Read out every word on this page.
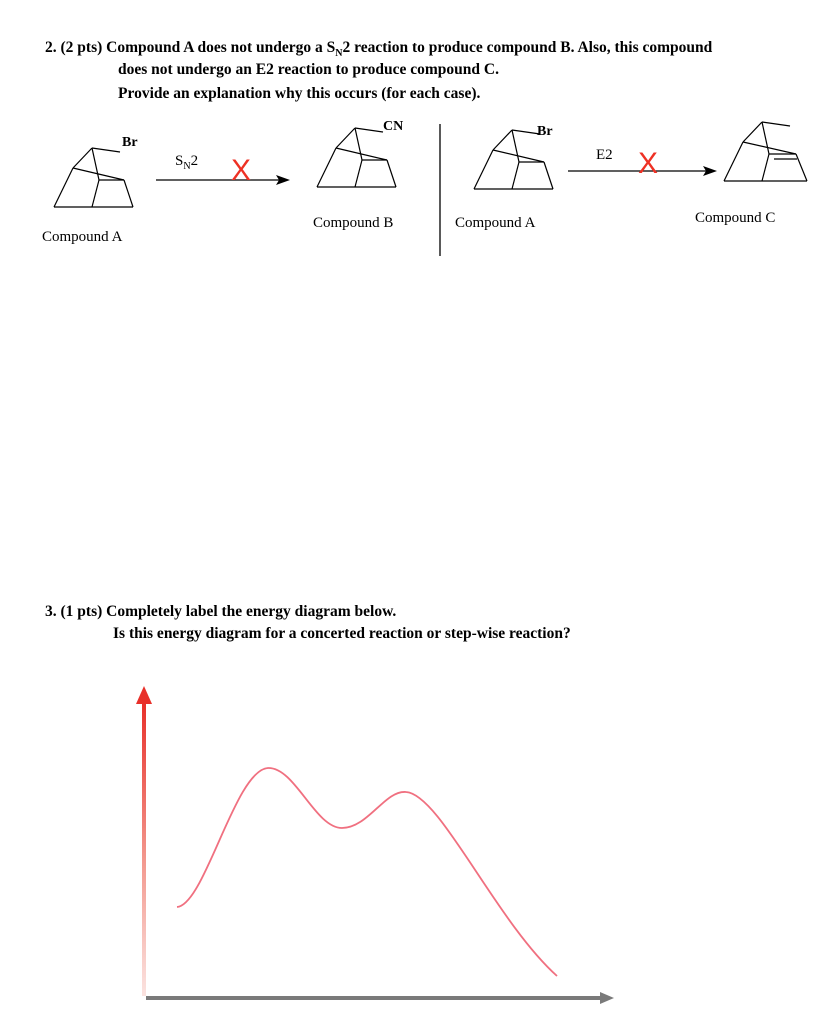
2. (2 pts) Compound A does not undergo a $S_N2$ reaction to produce compound B. Also, this compound
does not undergo an E2 reaction to produce compound C.
Provide an explanation why this occurs (for each case).
Br
CN	Br
$S_N2$	E2
X	X
Compound A
Compound B	Compound A	Compound C
3. (1 pts) Completely label the energy diagram below.
Is this energy diagram for a concerted reaction or step-wise reaction?
